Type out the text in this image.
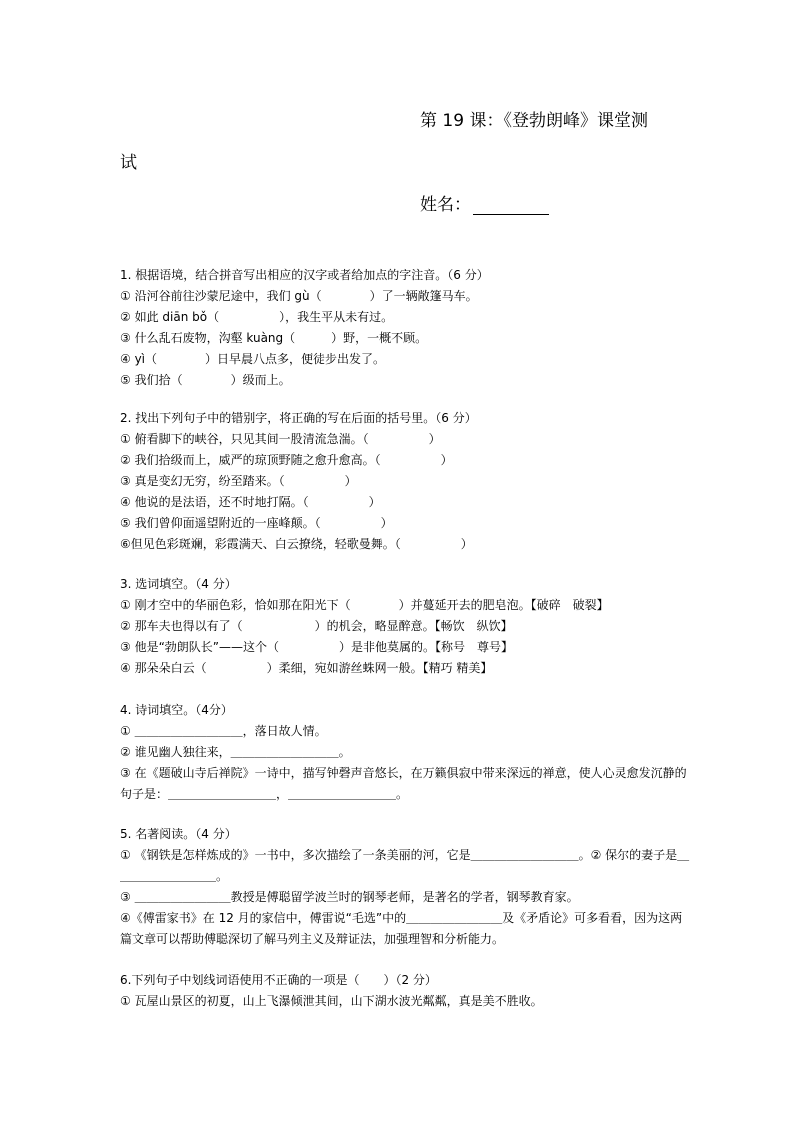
第 19 课：《登勃朗峰》课堂测
试
姓名：
1. 根据语境，结合拼音写出相应的汉字或者给加点的字注音。（6 分）
① 沿河谷前往沙蒙尼途中，我们 gù（　　　　）了一辆敞篷马车。
② 如此 diān bǒ（　　　　　），我生平从未有过。
③ 什么乱石废物，沟壑 kuàng（　　　）野，一概不顾。
④ yì（　　　　）日早晨八点多，便徒步出发了。
⑤ 我们拾（　　　　）级而上。
2. 找出下列句子中的错别字，将正确的写在后面的括号里。（6 分）
① 俯看脚下的峡谷，只见其间一股清流急湍。（　　　　　）
② 我们拾级而上，威严的琼顶野随之愈升愈高。（　　　　　）
③ 真是变幻无穷，纷至踏来。（　　　　　）
④ 他说的是法语，还不时地打隔。（　　　　　）
⑤ 我们曾仰面遥望附近的一座峰颠。（　　　　　）
⑥但见色彩斑斓，彩霞满天、白云撩绕，轻歌曼舞。（　　　　　）
3. 选词填空。（4 分）
① 刚才空中的华丽色彩，恰如那在阳光下（　　　　）并蔓延开去的肥皂泡。【破碎　破裂】
② 那车夫也得以有了（　　　　　　）的机会，略显醉意。【畅饮　纵饮】
③ 他是“勃朗队长”——这个（　　　　　）是非他莫属的。【称号　尊号】
④ 那朵朵白云（　　　　　）柔细，宛如游丝蛛网一般。【精巧 精美】
4. 诗词填空。（4分）
① ＿＿＿＿＿＿＿＿＿，落日故人情。
② 谁见幽人独往来，＿＿＿＿＿＿＿＿＿。
③ 在《题破山寺后禅院》一诗中，描写钟磬声音悠长，在万籁俱寂中带来深远的禅意，使人心灵愈发沉静的句子是：＿＿＿＿＿＿＿＿＿，＿＿＿＿＿＿＿＿＿。
5. 名著阅读。（4 分）
① 《钢铁是怎样炼成的》一书中，多次描绘了一条美丽的河，它是＿＿＿＿＿＿＿＿＿。② 保尔的妻子是＿＿＿＿＿＿＿＿＿。
③ ＿＿＿＿＿＿＿＿教授是傅聪留学波兰时的钢琴老师，是著名的学者，钢琴教育家。
④《傅雷家书》在 12 月的家信中，傅雷说“毛选”中的＿＿＿＿＿＿＿＿及《矛盾论》可多看看，因为这两篇文章可以帮助傅聪深切了解马列主义及辩证法，加强理智和分析能力。
6.下列句子中划线词语使用不正确的一项是（　　）（2 分）
① 瓦屋山景区的初夏，山上飞瀑倾泄其间，山下湖水波光粼粼，真是美不胜收。
